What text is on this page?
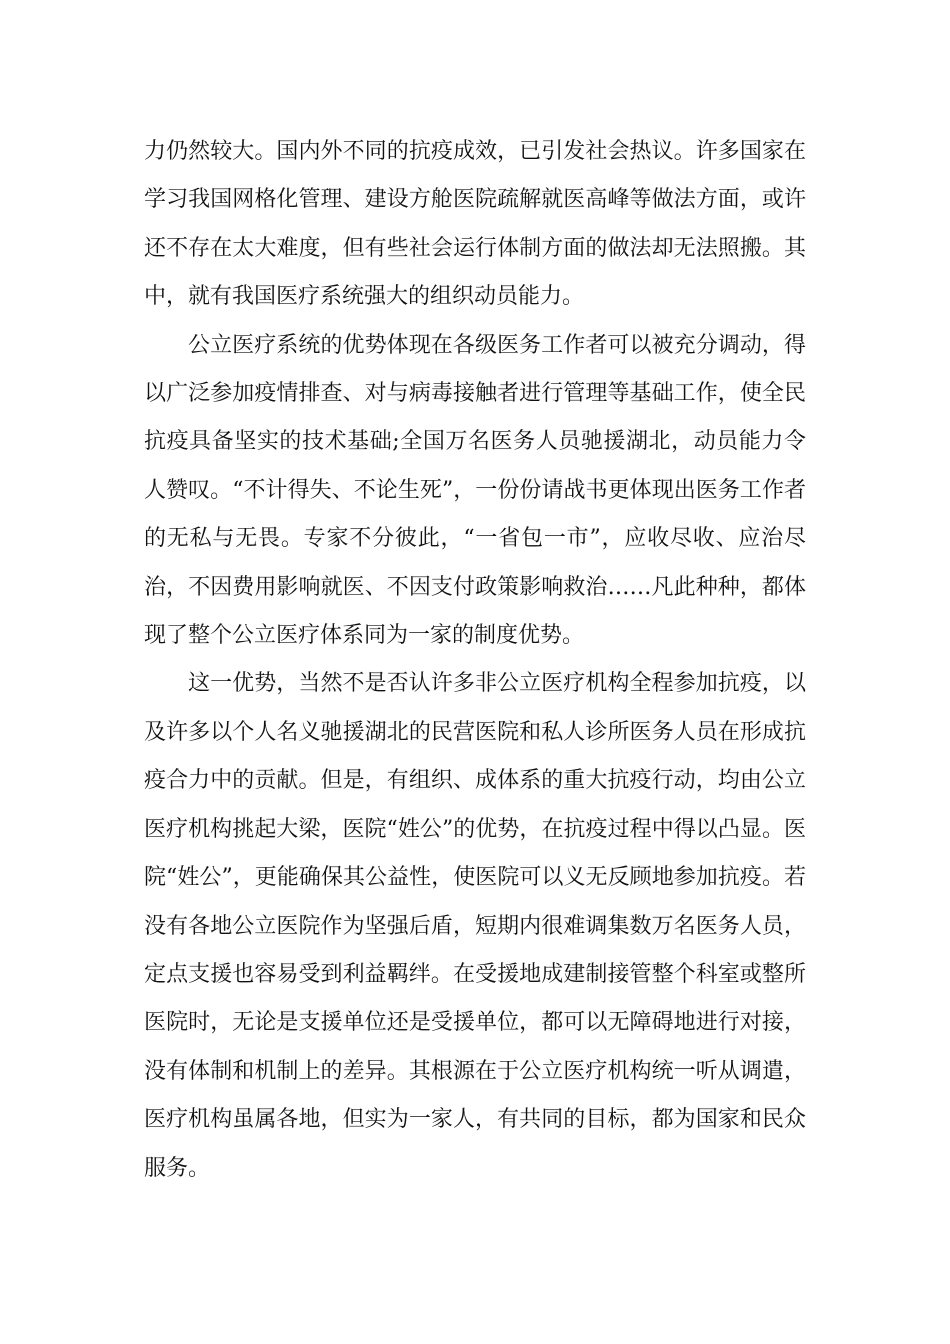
力仍然较大。国内外不同的抗疫成效，已引发社会热议。许多国家在学习我国网格化管理、建设方舱医院疏解就医高峰等做法方面，或许还不存在太大难度，但有些社会运行体制方面的做法却无法照搬。其中，就有我国医疗系统强大的组织动员能力。

公立医疗系统的优势体现在各级医务工作者可以被充分调动，得以广泛参加疫情排查、对与病毒接触者进行管理等基础工作，使全民抗疫具备坚实的技术基础;全国万名医务人员驰援湖北，动员能力令人赞叹。“不计得失、不论生死”，一份份请战书更体现出医务工作者的无私与无畏。专家不分彼此，“一省包一市”，应收尽收、应治尽治，不因费用影响就医、不因支付政策影响救治……凡此种种，都体现了整个公立医疗体系同为一家的制度优势。

这一优势，当然不是否认许多非公立医疗机构全程参加抗疫，以及许多以个人名义驰援湖北的民营医院和私人诊所医务人员在形成抗疫合力中的贡献。但是，有组织、成体系的重大抗疫行动，均由公立医疗机构挑起大梁，医院“姓公”的优势，在抗疫过程中得以凸显。医院“姓公”，更能确保其公益性，使医院可以义无反顾地参加抗疫。若没有各地公立医院作为坚强后盾，短期内很难调集数万名医务人员，定点支援也容易受到利益羁绊。在受援地成建制接管整个科室或整所医院时，无论是支援单位还是受援单位，都可以无障碍地进行对接，没有体制和机制上的差异。其根源在于公立医疗机构统一听从调遣，医疗机构虽属各地，但实为一家人，有共同的目标，都为国家和民众服务。
